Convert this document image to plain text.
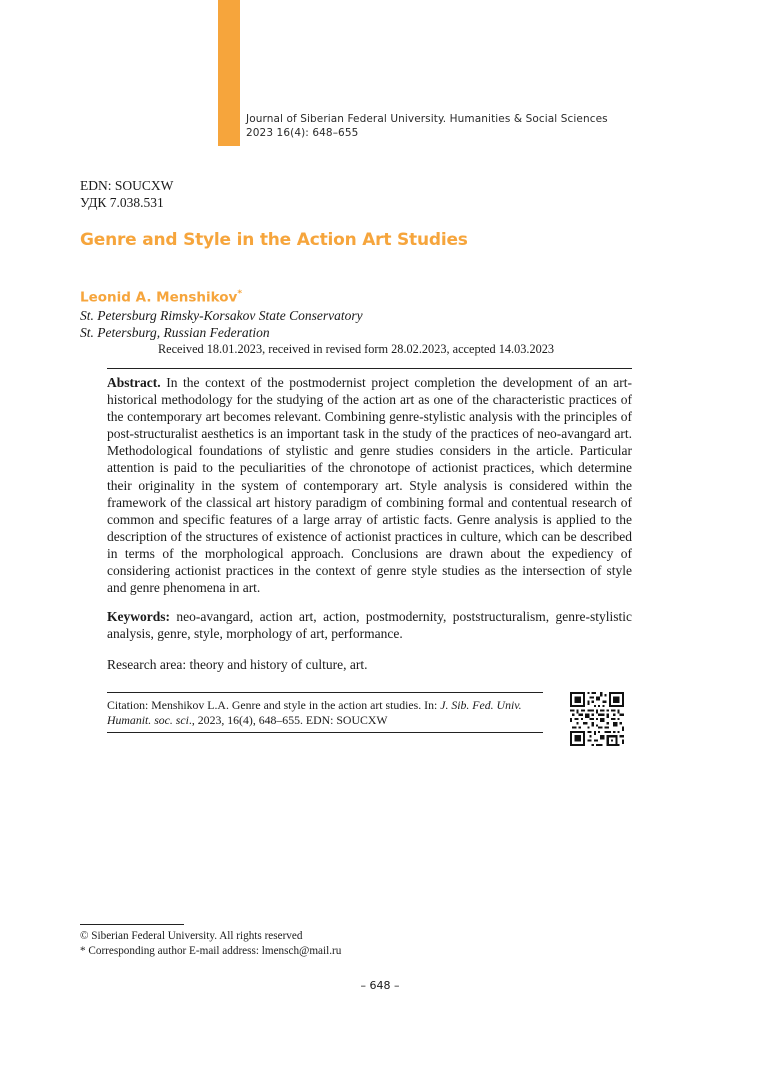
Journal of Siberian Federal University. Humanities & Social Sciences
2023 16(4): 648–655
EDN: SOUCXW
УДК 7.038.531
Genre and Style in the Action Art Studies
Leonid A. Menshikov*
St. Petersburg Rimsky-Korsakov State Conservatory
St. Petersburg, Russian Federation
Received 18.01.2023, received in revised form 28.02.2023, accepted 14.03.2023
Abstract. In the context of the postmodernist project completion the development of an art-historical methodology for the studying of the action art as one of the characteristic practices of the contemporary art becomes relevant. Combining genre-stylistic analysis with the principles of post-structuralist aesthetics is an important task in the study of the practices of neo-avangard art. Methodological foundations of stylistic and genre studies considers in the article. Particular attention is paid to the peculiarities of the chronotope of actionist practices, which determine their originality in the system of contemporary art. Style analysis is considered within the framework of the classical art history paradigm of combining formal and contentual research of common and specific features of a large array of artistic facts. Genre analysis is applied to the description of the structures of existence of actionist practices in culture, which can be described in terms of the morphological approach. Conclusions are drawn about the expediency of considering actionist practices in the context of genre style studies as the intersection of style and genre phenomena in art.
Keywords: neo-avangard, action art, action, postmodernity, poststructuralism, genre-stylistic analysis, genre, style, morphology of art, performance.
Research area: theory and history of culture, art.
Citation: Menshikov L.A. Genre and style in the action art studies. In: J. Sib. Fed. Univ. Humanit. soc. sci., 2023, 16(4), 648–655. EDN: SOUCXW
© Siberian Federal University. All rights reserved
* Corresponding author E-mail address: lmensch@mail.ru
– 648 –
